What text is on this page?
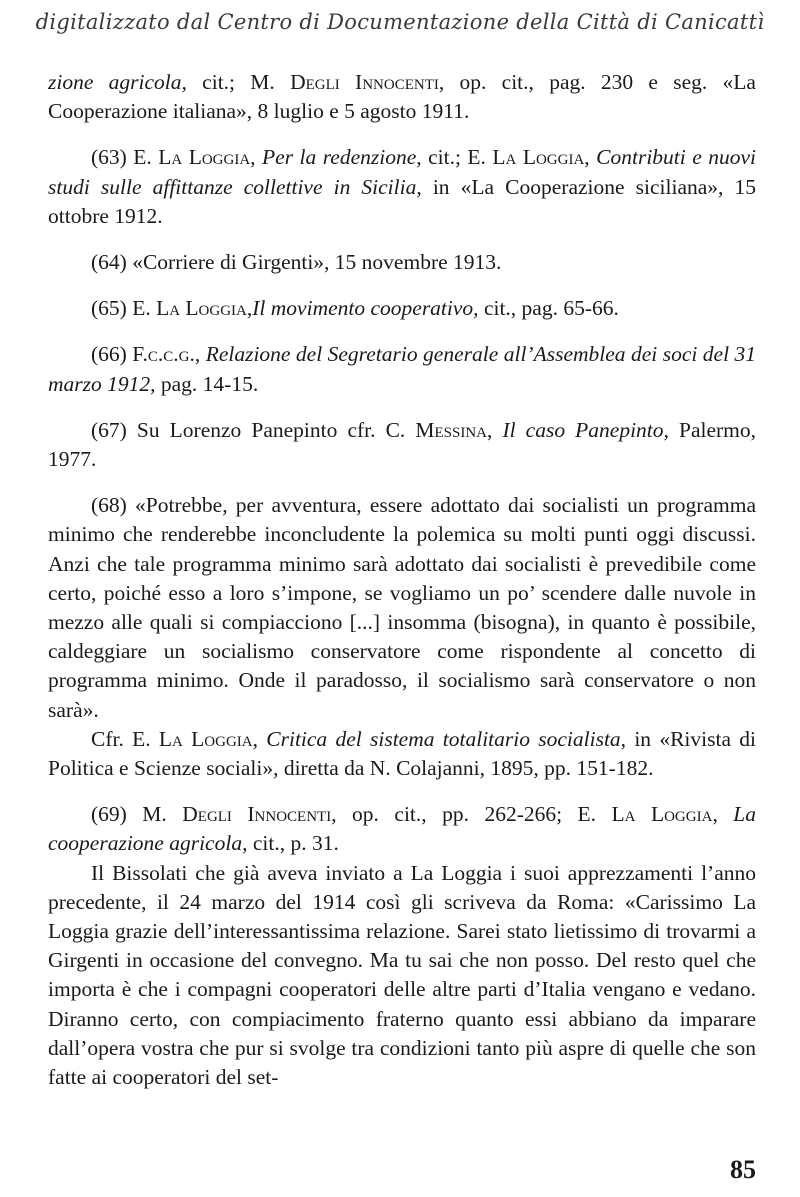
digitalizzato dal Centro di Documentazione della Città di Canicattì

zione agricola, cit.; M. Degli Innocenti, op. cit., pag. 230 e seg. «La Cooperazione italiana», 8 luglio e 5 agosto 1911.

(63) E. La Loggia, Per la redenzione, cit.; E. La Loggia, Contributi e nuovi studi sulle affittanze collettive in Sicilia, in «La Cooperazione siciliana», 15 ottobre 1912.

(64) «Corriere di Girgenti», 15 novembre 1913.

(65) E. La Loggia,Il movimento cooperativo, cit., pag. 65-66.

(66) F.c.c.g., Relazione del Segretario generale all’Assemblea dei soci del 31 marzo 1912, pag. 14-15.

(67) Su Lorenzo Panepinto cfr. C. Messina, Il caso Panepinto, Palermo, 1977.

(68) «Potrebbe, per avventura, essere adottato dai socialisti un programma minimo che renderebbe inconcludente la polemica su molti punti oggi discussi. Anzi che tale programma minimo sarà adottato dai socialisti è prevedibile come certo, poiché esso a loro s’impone, se vogliamo un po’ scendere dalle nuvole in mezzo alle quali si compiacciono [...] insomma (bisogna), in quanto è possibile, caldeggiare un socialismo conservatore come rispondente al concetto di programma minimo. Onde il paradosso, il socialismo sarà conservatore o non sarà».

Cfr. E. La Loggia, Critica del sistema totalitario socialista, in «Rivista di Politica e Scienze sociali», diretta da N. Colajanni, 1895, pp. 151-182.

(69) M. Degli Innocenti, op. cit., pp. 262-266; E. La Loggia, La cooperazione agricola, cit., p. 31.

Il Bissolati che già aveva inviato a La Loggia i suoi apprezzamenti l’anno precedente, il 24 marzo del 1914 così gli scriveva da Roma: «Carissimo La Loggia grazie dell’interessantissima relazione. Sarei stato lietissimo di trovarmi a Girgenti in occasione del convegno. Ma tu sai che non posso. Del resto quel che importa è che i compagni cooperatori delle altre parti d’Italia vengano e vedano. Diranno certo, con compiacimento fraterno quanto essi abbiano da imparare dall’opera vostra che pur si svolge tra condizioni tanto più aspre di quelle che son fatte ai cooperatori del set-

85
